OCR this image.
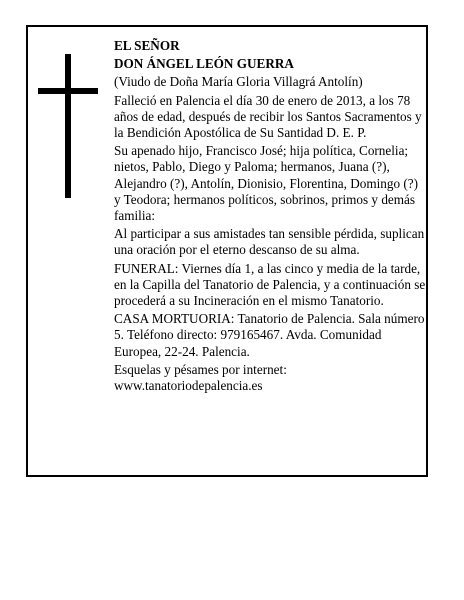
EL SEÑOR

DON ÁNGEL LEÓN GUERRA

(Viudo de Doña María Gloria Villagrá Antolín)

Falleció en Palencia el día 30 de enero de 2013, a los 78 años de edad, después de recibir los Santos Sacramentos y la Bendición Apostólica de Su Santidad D. E. P.

Su apenado hijo, Francisco José; hija política, Cornelia; nietos, Pablo, Diego y Paloma; hermanos, Juana (?), Alejandro (?), Antolín, Dionisio, Florentina, Domingo (?) y Teodora; hermanos políticos, sobrinos, primos y demás familia:

Al participar a sus amistades tan sensible pérdida, suplican una oración por el eterno descanso de su alma.

FUNERAL: Viernes día 1, a las cinco y media de la tarde, en la Capilla del Tanatorio de Palencia, y a continuación se procederá a su Incineración en el mismo Tanatorio.

CASA MORTUORIA: Tanatorio de Palencia. Sala número 5. Teléfono directo: 979165467. Avda. Comunidad Europea, 22-24. Palencia.

Esquelas y pésames por internet:

www.tanatoriodepalencia.es
